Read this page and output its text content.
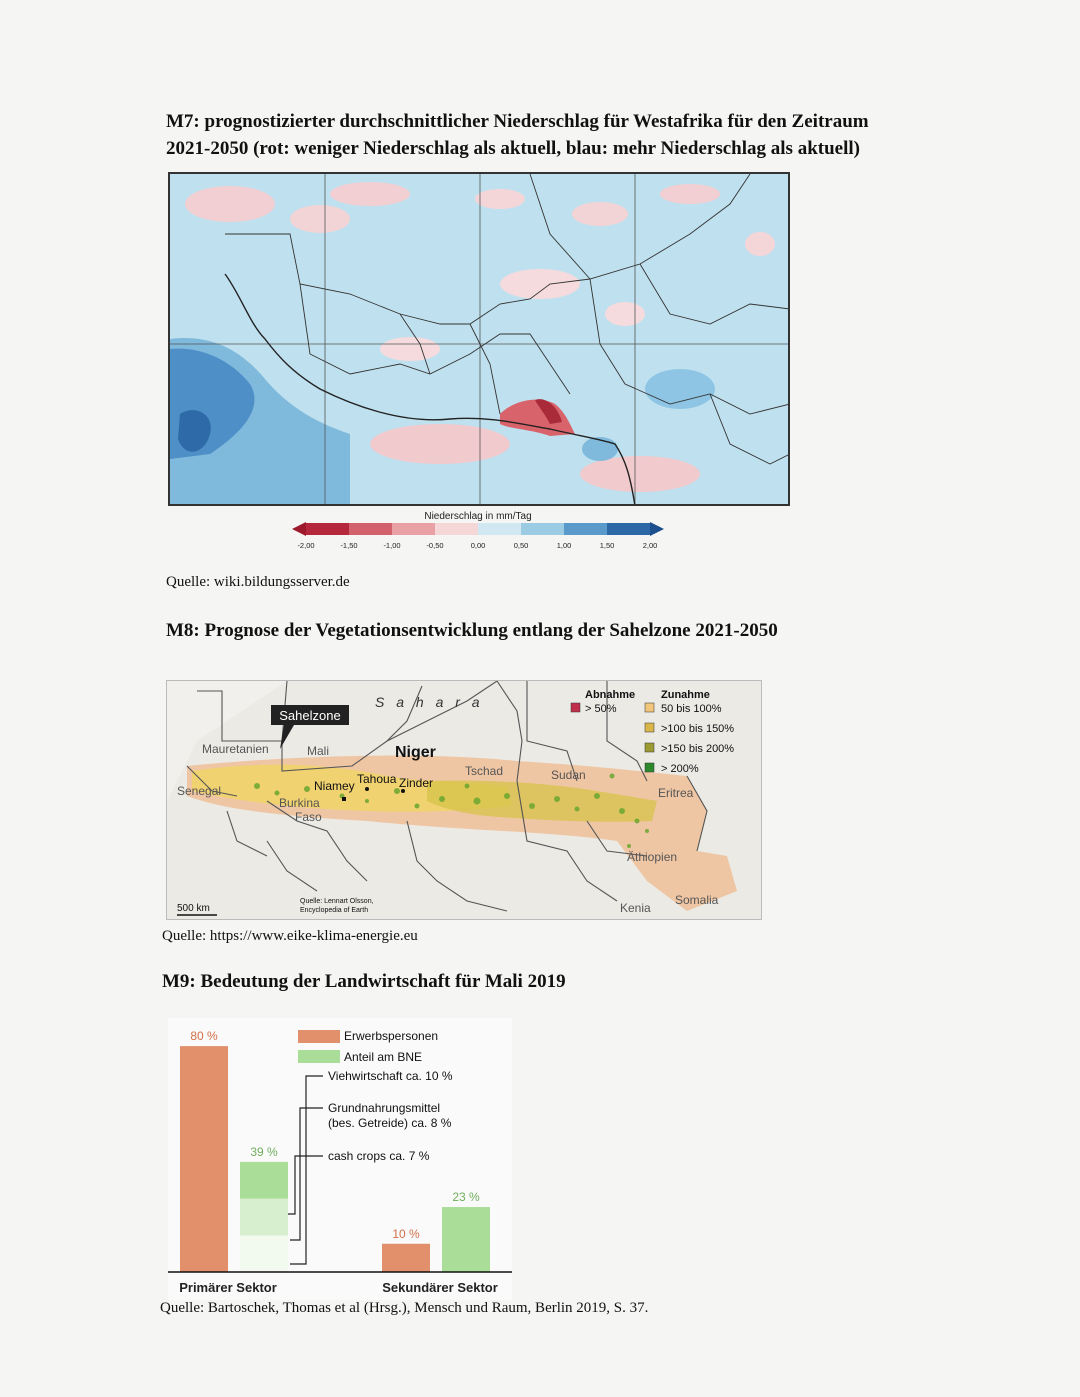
M7: prognostizierter durchschnittlicher Niederschlag für Westafrika für den Zeitraum

2021-2050 (rot: weniger Niederschlag als aktuell, blau: mehr Niederschlag als aktuell)

Niederschlag in mm/Tag
-2,00	-1,50	-1,00	-0,50	0,00	0,50	1,00	1,50	2,00

Quelle: wiki.bildungsserver.de

M8: Prognose der Vegetationsentwicklung entlang der Sahelzone 2021-2050

Sahelzone
Mauretanien	Mali
Senegal
Tschad	Sudan
Burkina
Faso
Eritrea
Äthiopien
Kenia
Somalia
Niamey Tahoua Zinder
Niger
S a h a r a	Abnahme
> 50%
Zunahme
50 bis 100%
>100 bis 150%
>150 bis 200%
> 200%
500 km
Quelle: Lennart Olsson,
Encyclopedia of Earth

Quelle: https://www.eike-klima-energie.eu

M9: Bedeutung der Landwirtschaft für Mali 2019

Erwerbspersonen
Anteil am BNE
Viehwirtschaft ca. 10 %
Grundnahrungsmittel
(bes. Getreide) ca. 8 %
cash crops ca. 7 %
80 %
39 %
10 %
23 %
Primärer Sektor	Sekundärer Sektor

Quelle: Bartoschek, Thomas et al (Hrsg.), Mensch und Raum, Berlin 2019, S. 37.
